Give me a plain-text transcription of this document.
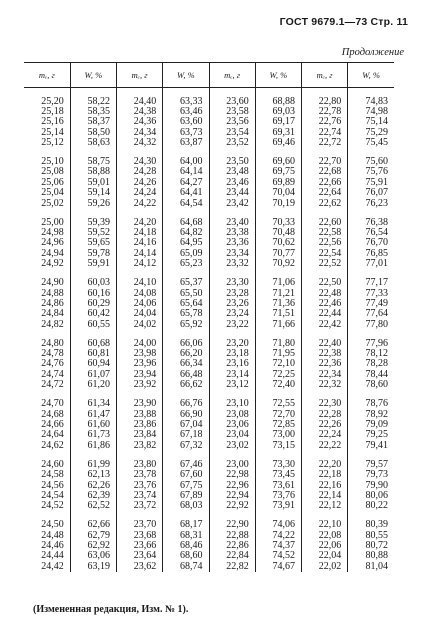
ГОСТ 9679.1—73 Стр. 11
Продолжение
mₑ, г	W, %	mₑ, г	W, %	mₑ, г	W, %	mₑ, г	W, %

25,20	58,22	24,40	63,33	23,60	68,88	22,80	74,83
25,18	58,35	24,38	63,46	23,58	69,03	22,78	74,98
25,16	58,37	24,36	63,60	23,56	69,17	22,76	75,14
25,14	58,50	24,34	63,73	23,54	69,31	22,74	75,29
25,12	58,63	24,32	63,87	23,52	69,46	22,72	75,45

25,10	58,75	24,30	64,00	23,50	69,60	22,70	75,60
25,08	58,88	24,28	64,14	23,48	69,75	22,68	75,76
25,06	59,01	24,26	64,27	23,46	69,89	22,66	75,91
25,04	59,14	24,24	64,41	23,44	70,04	22,64	76,07
25,02	59,26	24,22	64,54	23,42	70,19	22,62	76,23

25,00	59,39	24,20	64,68	23,40	70,33	22,60	76,38
24,98	59,52	24,18	64,82	23,38	70,48	22,58	76,54
24,96	59,65	24,16	64,95	23,36	70,62	22,56	76,70
24,94	59,78	24,14	65,09	23,34	70,77	22,54	76,85
24,92	59,91	24,12	65,23	23,32	70,92	22,52	77,01

24,90	60,03	24,10	65,37	23,30	71,06	22,50	77,17
24,88	60,16	24,08	65,50	23,28	71,21	22,48	77,33
24,86	60,29	24,06	65,64	23,26	71,36	22,46	77,49
24,84	60,42	24,04	65,78	23,24	71,51	22,44	77,64
24,82	60,55	24,02	65,92	23,22	71,66	22,42	77,80

24,80	60,68	24,00	66,06	23,20	71,80	22,40	77,96
24,78	60,81	23,98	66,20	23,18	71,95	22,38	78,12
24,76	60,94	23,96	66,34	23,16	72,10	22,36	78,28
24,74	61,07	23,94	66,48	23,14	72,25	22,34	78,44
24,72	61,20	23,92	66,62	23,12	72,40	22,32	78,60

24,70	61,34	23,90	66,76	23,10	72,55	22,30	78,76
24,68	61,47	23,88	66,90	23,08	72,70	22,28	78,92
24,66	61,60	23,86	67,04	23,06	72,85	22,26	79,09
24,64	61,73	23,84	67,18	23,04	73,00	22,24	79,25
24,62	61,86	23,82	67,32	23,02	73,15	22,22	79,41

24,60	61,99	23,80	67,46	23,00	73,30	22,20	79,57
24,58	62,13	23,78	67,60	22,98	73,45	22,18	79,73
24,56	62,26	23,76	67,75	22,96	73,61	22,16	79,90
24,54	62,39	23,74	67,89	22,94	73,76	22,14	80,06
24,52	62,52	23,72	68,03	22,92	73,91	22,12	80,22

24,50	62,66	23,70	68,17	22,90	74,06	22,10	80,39
24,48	62,79	23,68	68,31	22,88	74,22	22,08	80,55
24,46	62,92	23,66	68,46	22,86	74,37	22,06	80,72
24,44	63,06	23,64	68,60	22,84	74,52	22,04	80,88
24,42	63,19	23,62	68,74	22,82	74,67	22,02	81,04
(Измененная редакция, Изм. № 1).
